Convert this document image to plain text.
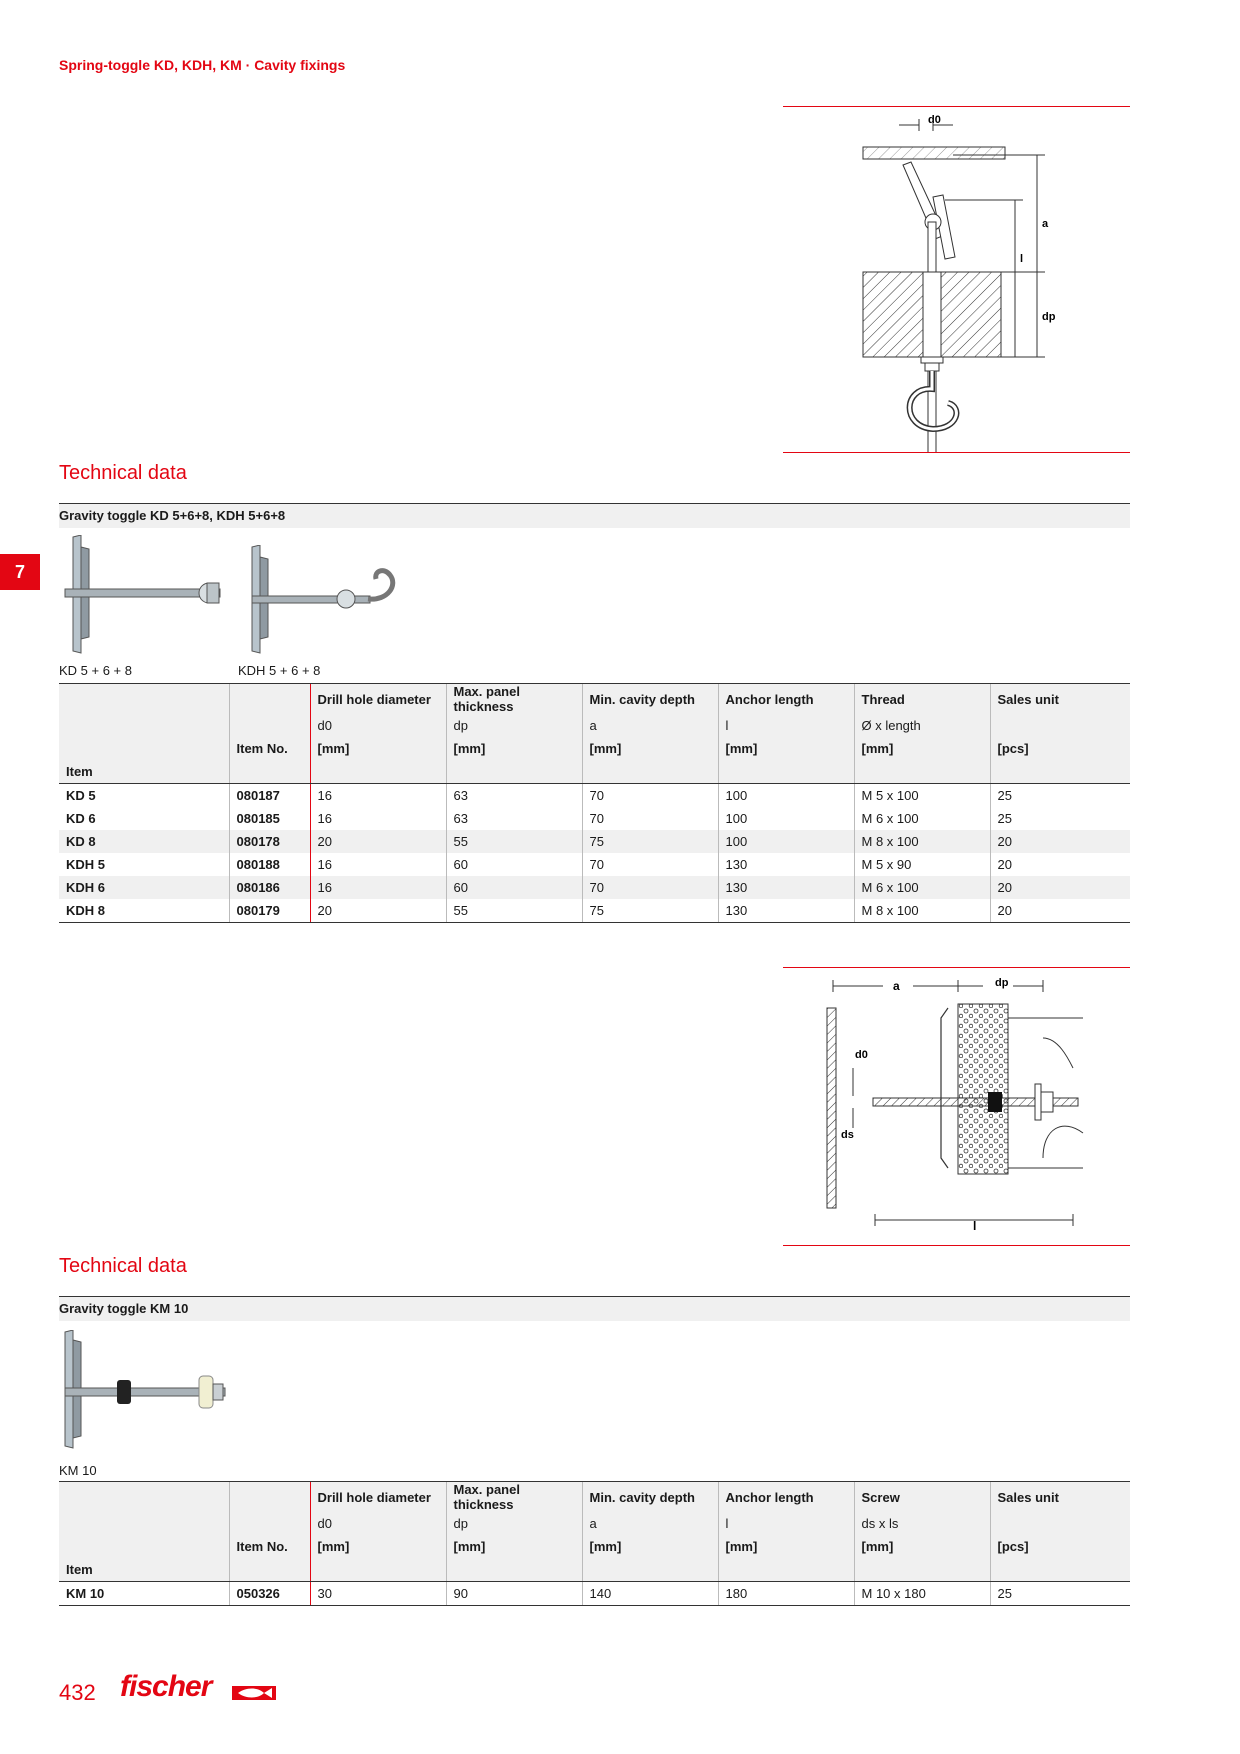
Spring-toggle KD, KDH, KM · Cavity fixings
7
d0
a
l
dp
Technical data
Gravity toggle KD 5+6+8, KDH 5+6+8
KD 5 + 6 + 8	KDH 5 + 6 + 8
		Drill hole diameter	Max. panel thickness	Min. cavity depth	Anchor length	Thread	Sales unit
		d0	dp	a	l	Ø x length	
	Item No.	[mm]	[mm]	[mm]	[mm]	[mm]	[pcs]
Item							
KD 5	080187	16	63	70	100	M 5 x 100	25
KD 6	080185	16	63	70	100	M 6 x 100	25
KD 8	080178	20	55	75	100	M 8 x 100	20
KDH 5	080188	16	60	70	130	M 5 x 90	20
KDH 6	080186	16	60	70	130	M 6 x 100	20
KDH 8	080179	20	55	75	130	M 8 x 100	20
a	dp
d0
ds
l
Technical data
Gravity toggle KM 10
KM 10
		Drill hole diameter	Max. panel thickness	Min. cavity depth	Anchor length	Screw	Sales unit
		d0	dp	a	l	ds x ls	
	Item No.	[mm]	[mm]	[mm]	[mm]	[mm]	[pcs]
Item							
KM 10	050326	30	90	140	180	M 10 x 180	25
432 fischer
